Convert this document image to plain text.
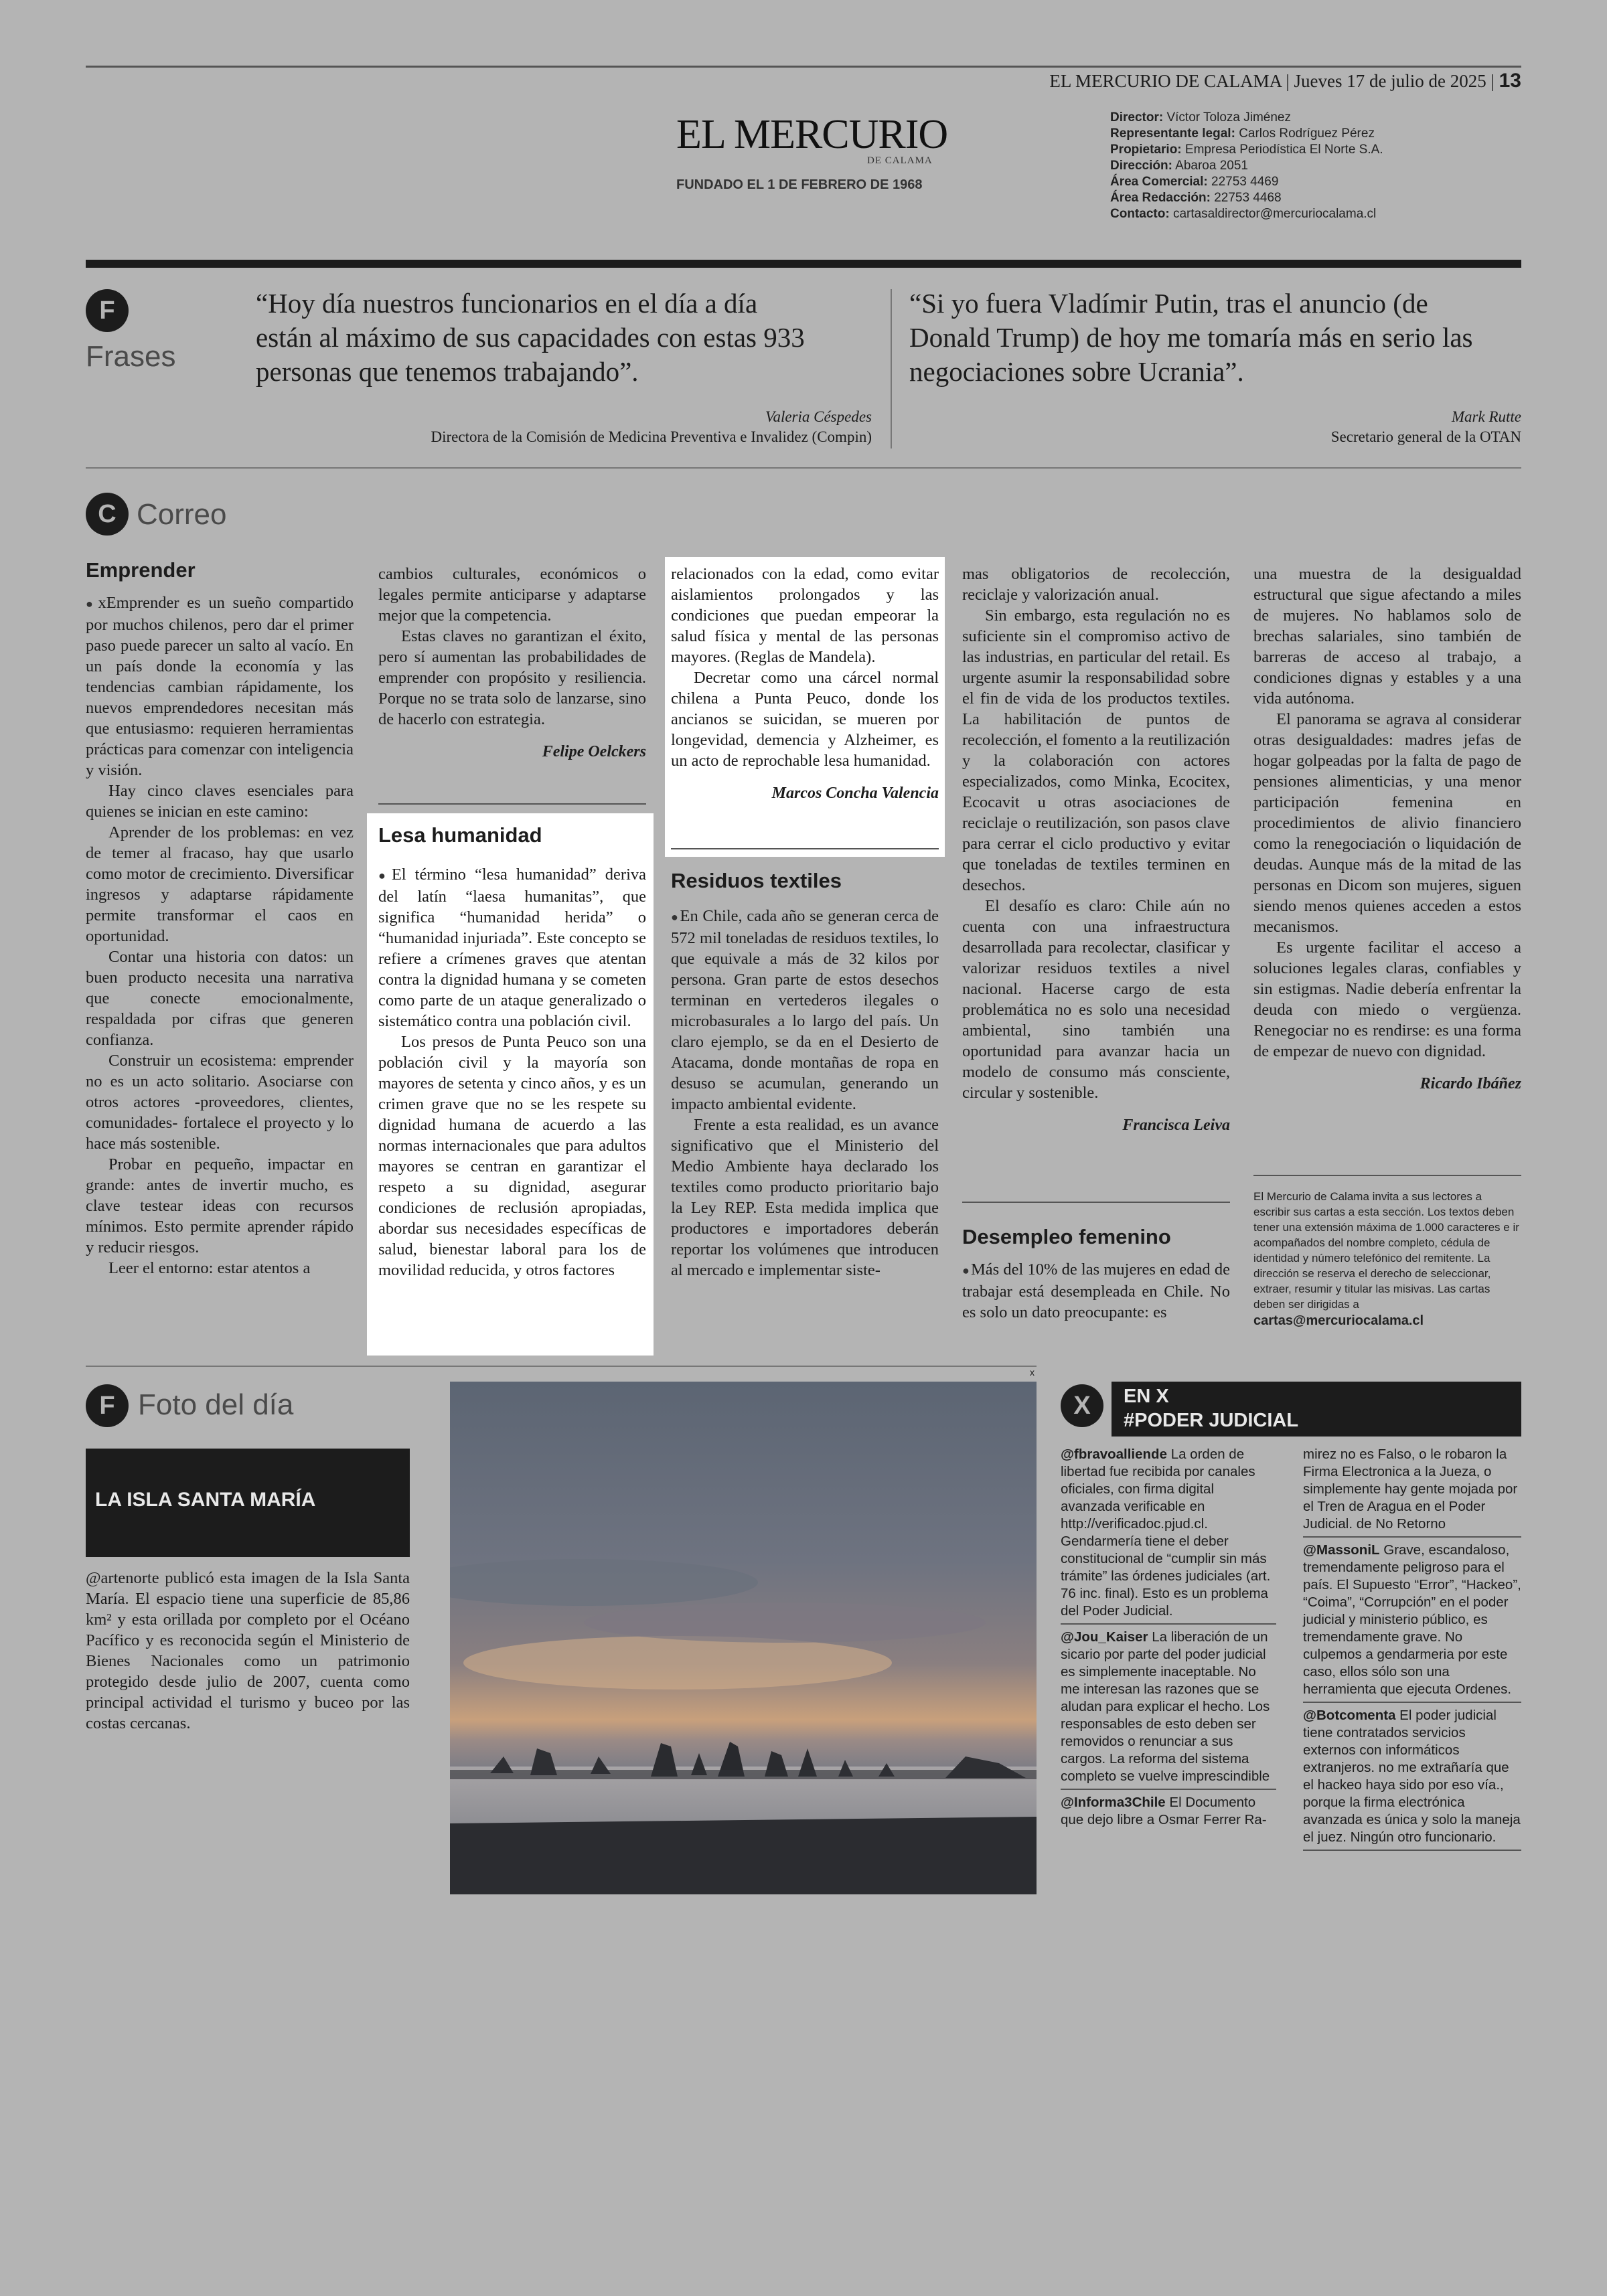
EL MERCURIO DE CALAMA | Jueves 17 de julio de 2025 | 13
EL MERCURIO
DE CALAMA
FUNDADO EL 1 DE FEBRERO DE 1968
Director: Víctor Toloza Jiménez
Representante legal: Carlos Rodríguez Pérez
Propietario: Empresa Periodística El Norte S.A.
Dirección: Abaroa 2051
Área Comercial: 22753 4469
Área Redacción: 22753 4468
Contacto: cartasaldirector@mercuriocalama.cl
F
Frases
“Hoy día nuestros funcionarios en el día a día están al máximo de sus capacidades con estas 933 personas que tenemos trabajando”.
Valeria Céspedes
Directora de la Comisión de Medicina Preventiva e Invalidez (Compin)
“Si yo fuera Vladímir Putin, tras el anuncio (de Donald Trump) de hoy me tomaría más en serio las negociaciones sobre Ucrania”.
Mark Rutte
Secretario general de la OTAN
C Correo
Emprender

● xEmprender es un sueño compartido por muchos chilenos, pero dar el primer paso puede parecer un salto al vacío. En un país donde la economía y las tendencias cambian rápidamente, los nuevos emprendedores necesitan más que entusiasmo: requieren herramientas prácticas para comenzar con inteligencia y visión.

Hay cinco claves esenciales para quienes se inician en este camino:

Aprender de los problemas: en vez de temer al fracaso, hay que usarlo como motor de crecimiento. Diversificar ingresos y adaptarse rápidamente permite transformar el caos en oportunidad.

Contar una historia con datos: un buen producto necesita una narrativa que conecte emocionalmente, respaldada por cifras que generen confianza.

Construir un ecosistema: emprender no es un acto solitario. Asociarse con otros actores -proveedores, clientes, comunidades- fortalece el proyecto y lo hace más sostenible.

Probar en pequeño, impactar en grande: antes de invertir mucho, es clave testear ideas con recursos mínimos. Esto permite aprender rápido y reducir riesgos.

Leer el entorno: estar atentos a

cambios culturales, económicos o legales permite anticiparse y adaptarse mejor que la competencia.

Estas claves no garantizan el éxito, pero sí aumentan las probabilidades de emprender con propósito y resiliencia. Porque no se trata solo de lanzarse, sino de hacerlo con estrategia.

Felipe Oelckers
Lesa humanidad

● El término “lesa humanidad” deriva del latín “laesa humanitas”, que significa “humanidad herida” o “humanidad injuriada”. Este concepto se refiere a crímenes graves que atentan contra la dignidad humana y se cometen como parte de un ataque generalizado o sistemático contra una población civil.

Los presos de Punta Peuco son una población civil y la mayoría son mayores de setenta y cinco años, y es un crimen grave que no se les respete su dignidad humana de acuerdo a las normas internacionales que para adultos mayores se centran en garantizar el respeto a su dignidad, asegurar condiciones de reclusión apropiadas, abordar sus necesidades específicas de salud, bienestar laboral para los de movilidad reducida, y otros factores

relacionados con la edad, como evitar aislamientos prolongados y las condiciones que puedan empeorar la salud física y mental de las personas mayores. (Reglas de Mandela).

Decretar como una cárcel normal chilena a Punta Peuco, donde los ancianos se suicidan, se mueren por longevidad, demencia y Alzheimer, es un acto de reprochable lesa humanidad.

Marcos Concha Valencia
Residuos textiles

● En Chile, cada año se generan cerca de 572 mil toneladas de residuos textiles, lo que equivale a más de 32 kilos por persona. Gran parte de estos desechos terminan en vertederos ilegales o microbasurales a lo largo del país. Un claro ejemplo, se da en el Desierto de Atacama, donde montañas de ropa en desuso se acumulan, generando un impacto ambiental evidente.

Frente a esta realidad, es un avance significativo que el Ministerio del Medio Ambiente haya declarado los textiles como producto prioritario bajo la Ley REP. Esta medida implica que productores e importadores deberán reportar los volúmenes que introducen al mercado e implementar siste-

mas obligatorios de recolección, reciclaje y valorización anual.

Sin embargo, esta regulación no es suficiente sin el compromiso activo de las industrias, en particular del retail. Es urgente asumir la responsabilidad sobre el fin de vida de los productos textiles. La habilitación de puntos de recolección, el fomento a la reutilización y la colaboración con actores especializados, como Minka, Ecocitex, Ecocavit u otras asociaciones de reciclaje o reutilización, son pasos clave para cerrar el ciclo productivo y evitar que toneladas de textiles terminen en desechos.

El desafío es claro: Chile aún no cuenta con una infraestructura desarrollada para recolectar, clasificar y valorizar residuos textiles a nivel nacional. Hacerse cargo de esta problemática no es solo una necesidad ambiental, sino también una oportunidad para avanzar hacia un modelo de consumo más consciente, circular y sostenible.

Francisca Leiva
Desempleo femenino

● Más del 10% de las mujeres en edad de trabajar está desempleada en Chile. No es solo un dato preocupante: es

una muestra de la desigualdad estructural que sigue afectando a miles de mujeres. No hablamos solo de brechas salariales, sino también de barreras de acceso al trabajo, a condiciones dignas y estables y a una vida autónoma.

El panorama se agrava al considerar otras desigualdades: madres jefas de hogar golpeadas por la falta de pago de pensiones alimenticias, y una menor participación femenina en procedimientos de alivio financiero como la renegociación o liquidación de deudas. Aunque más de la mitad de las personas en Dicom son mujeres, siguen siendo menos quienes acceden a estos mecanismos.

Es urgente facilitar el acceso a soluciones legales claras, confiables y sin estigmas. Nadie debería enfrentar la deuda con miedo o vergüenza. Renegociar no es rendirse: es una forma de empezar de nuevo con dignidad.

Ricardo Ibáñez
El Mercurio de Calama invita a sus lectores a escribir sus cartas a esta sección. Los textos deben tener una extensión máxima de 1.000 caracteres e ir acompañados del nombre completo, cédula de identidad y número telefónico del remitente. La dirección se reserva el derecho de seleccionar, extraer, resumir y titular las misivas. Las cartas deben ser dirigidas a
cartas@mercuriocalama.cl
F Foto del día
LA ISLA SANTA MARÍA
@artenorte publicó esta imagen de la Isla Santa María. El espacio tiene una superficie de 85,86 km² y esta orillada por completo por el Océano Pacífico y es reconocida según el Ministerio de Bienes Nacionales como un patrimonio protegido desde julio de 2007, cuenta como principal actividad el turismo y buceo por las costas cercanas.
x
X	EN X
#PODER JUDICIAL
@fbravoalliende La orden de libertad fue recibida por canales oficiales, con firma digital avanzada verificable en http://verificadoc.pjud.cl. Gendarmería tiene el deber constitucional de “cumplir sin más trámite” las órdenes judiciales (art. 76 inc. final). Esto es un problema del Poder Judicial.
@Jou_Kaiser La liberación de un sicario por parte del poder judicial es simplemente inaceptable. No me interesan las razones que se aludan para explicar el hecho. Los responsables de esto deben ser removidos o renunciar a sus cargos. La reforma del sistema completo se vuelve imprescindible
@Informa3Chile El Documento que dejo libre a Osmar Ferrer Ra-
mirez no es Falso, o le robaron la Firma Electronica a la Jueza, o simplemente hay gente mojada por el Tren de Aragua en el Poder Judicial. de No Retorno
@MassoniL Grave, escandaloso, tremendamente peligroso para el país. El Supuesto “Error”, “Hackeo”, “Coima”, “Corrupción” en el poder judicial y ministerio público, es tremendamente grave. No culpemos a gendarmeria por este caso, ellos sólo son una herramienta que ejecuta Ordenes.
@Botcomenta El poder judicial tiene contratados servicios externos con informáticos extranjeros. no me extrañaría que el hackeo haya sido por eso vía., porque la firma electrónica avanzada es única y solo la maneja el juez. Ningún otro funcionario.
